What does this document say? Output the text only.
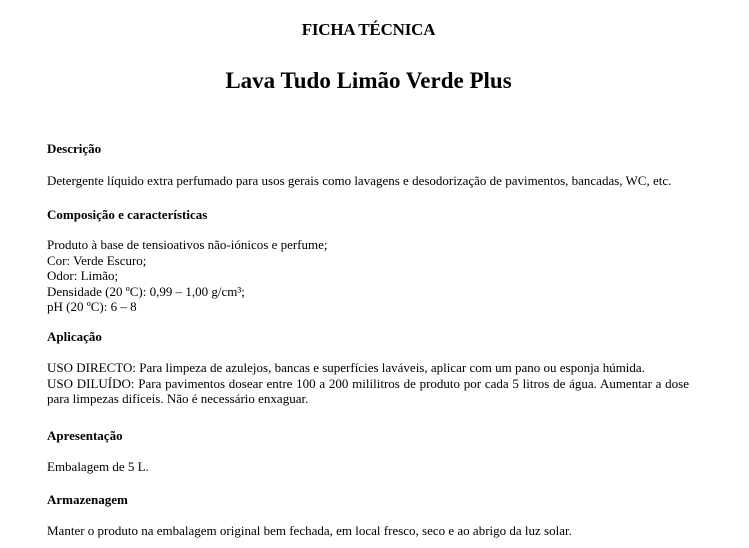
FICHA TÉCNICA
Lava Tudo Limão Verde Plus
Descrição
Detergente líquido extra perfumado para usos gerais como lavagens e desodorização de pavimentos, bancadas, WC, etc.
Composição e características

Produto à base de tensioativos não-iónicos e perfume;

Cor: Verde Escuro;

Odor: Limão;

Densidade (20 ºC): 0,99 – 1,00 g/cm³;

pH (20 ºC): 6 – 8

Aplicação

USO DIRECTO: Para limpeza de azulejos, bancas e superfícies laváveis, aplicar com um pano ou esponja húmida.

USO DILUÍDO: Para pavimentos dosear entre 100 a 200 mililitros de produto por cada 5 litros de água. Aumentar a dose para limpezas difíceis. Não é necessário enxaguar.

Apresentação
Embalagem de 5 L.
Armazenagem
Manter o produto na embalagem original bem fechada, em local fresco, seco e ao abrigo da luz solar.
